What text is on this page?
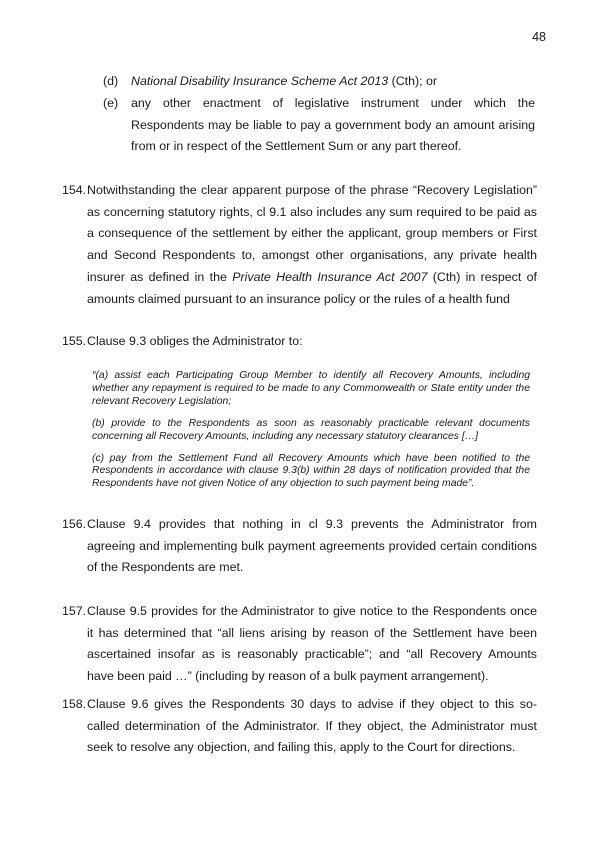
48
(d) National Disability Insurance Scheme Act 2013 (Cth); or
(e) any other enactment of legislative instrument under which the Respondents may be liable to pay a government body an amount arising from or in respect of the Settlement Sum or any part thereof.
154. Notwithstanding the clear apparent purpose of the phrase “Recovery Legislation” as concerning statutory rights, cl 9.1 also includes any sum required to be paid as a consequence of the settlement by either the applicant, group members or First and Second Respondents to, amongst other organisations, any private health insurer as defined in the Private Health Insurance Act 2007 (Cth) in respect of amounts claimed pursuant to an insurance policy or the rules of a health fund
155. Clause 9.3 obliges the Administrator to:

“(a) assist each Participating Group Member to identify all Recovery Amounts, including whether any repayment is required to be made to any Commonwealth or State entity under the relevant Recovery Legislation;

(b) provide to the Respondents as soon as reasonably practicable relevant documents concerning all Recovery Amounts, including any necessary statutory clearances […]

(c) pay from the Settlement Fund all Recovery Amounts which have been notified to the Respondents in accordance with clause 9.3(b) within 28 days of notification provided that the Respondents have not given Notice of any objection to such payment being made”.

156. Clause 9.4 provides that nothing in cl 9.3 prevents the Administrator from agreeing and implementing bulk payment agreements provided certain conditions of the Respondents are met.
157. Clause 9.5 provides for the Administrator to give notice to the Respondents once it has determined that “all liens arising by reason of the Settlement have been ascertained insofar as is reasonably practicable”; and “all Recovery Amounts have been paid …” (including by reason of a bulk payment arrangement).
158. Clause 9.6 gives the Respondents 30 days to advise if they object to this so-called determination of the Administrator. If they object, the Administrator must seek to resolve any objection, and failing this, apply to the Court for directions.
